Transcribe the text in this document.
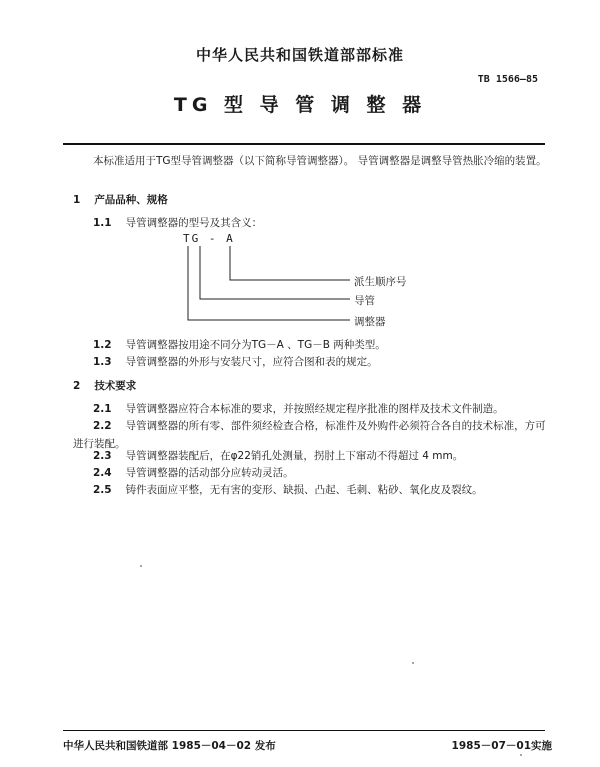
中华人民共和国铁道部部标准
TB 1566—85
TG 型 导 管 调 整 器
本标准适用于TG型导管调整器（以下简称导管调整器）。 导管调整器是调整导管热胀冷缩的装置。
1 产品品种、规格
1.1 导管调整器的型号及其含义：
TG - A
派生顺序号
导管
调整器
1.2 导管调整器按用途不同分为TG－A 、TG－B 两种类型。
1.3 导管调整器的外形与安装尺寸，应符合图和表的规定。
2 技术要求
2.1 导管调整器应符合本标准的要求，并按照经规定程序批准的图样及技术文件制造。
2.2 导管调整器的所有零、部件须经检查合格，标准件及外购件必须符合各自的技术标准，方可进行装配。
2.3 导管调整器装配后，在φ22销孔处测量，拐肘上下窜动不得超过 4 mm。
2.4 导管调整器的活动部分应转动灵活。
2.5 铸件表面应平整，无有害的变形、缺损、凸起、毛刺、粘砂、氧化皮及裂纹。
中华人民共和国铁道部 1985－04－02 发布	1985－07－01实施
